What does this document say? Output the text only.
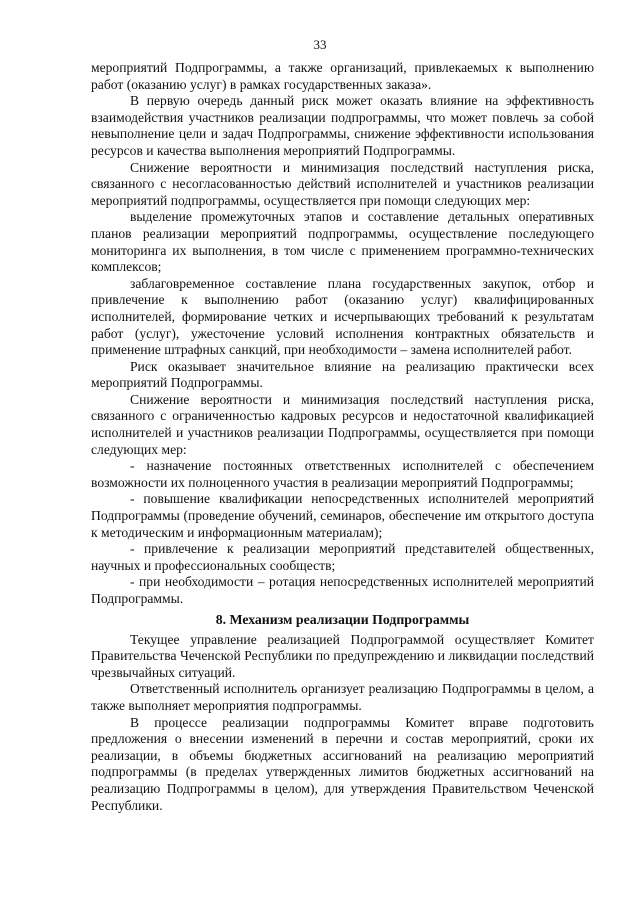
33

мероприятий Подпрограммы, а также организаций, привлекаемых к выполнению работ (оказанию услуг) в рамках государственных заказа».

В первую очередь данный риск может оказать влияние на эффективность взаимодействия участников реализации подпрограммы, что может повлечь за собой невыполнение цели и задач Подпрограммы, снижение эффективности использования ресурсов и качества выполнения мероприятий Подпрограммы.

Снижение вероятности и минимизация последствий наступления риска, связанного с несогласованностью действий исполнителей и участников реализации мероприятий подпрограммы, осуществляется при помощи следующих мер:

выделение промежуточных этапов и составление детальных оперативных планов реализации мероприятий подпрограммы, осуществление последующего мониторинга их выполнения, в том числе с применением программно-технических комплексов;

заблаговременное составление плана государственных закупок, отбор и привлечение к выполнению работ (оказанию услуг) квалифицированных исполнителей, формирование четких и исчерпывающих требований к результатам работ (услуг), ужесточение условий исполнения контрактных обязательств и применение штрафных санкций, при необходимости – замена исполнителей работ.

Риск оказывает значительное влияние на реализацию практически всех мероприятий Подпрограммы.

Снижение вероятности и минимизация последствий наступления риска, связанного с ограниченностью кадровых ресурсов и недостаточной квалификацией исполнителей и участников реализации Подпрограммы, осуществляется при помощи следующих мер:

- назначение постоянных ответственных исполнителей с обеспечением возможности их полноценного участия в реализации мероприятий Подпрограммы;

- повышение квалификации непосредственных исполнителей мероприятий Подпрограммы (проведение обучений, семинаров, обеспечение им открытого доступа к методическим и информационным материалам);

- привлечение к реализации мероприятий представителей общественных, научных и профессиональных сообществ;

- при необходимости – ротация непосредственных исполнителей мероприятий Подпрограммы.

8. Механизм реализации Подпрограммы

Текущее управление реализацией Подпрограммой осуществляет Комитет Правительства Чеченской Республики по предупреждению и ликвидации последствий чрезвычайных ситуаций.

Ответственный исполнитель организует реализацию Подпрограммы в целом, а также выполняет мероприятия подпрограммы.

В процессе реализации подпрограммы Комитет вправе подготовить предложения о внесении изменений в перечни и состав мероприятий, сроки их реализации, в объемы бюджетных ассигнований на реализацию мероприятий подпрограммы (в пределах утвержденных лимитов бюджетных ассигнований на реализацию Подпрограммы в целом), для утверждения Правительством Чеченской Республики.
